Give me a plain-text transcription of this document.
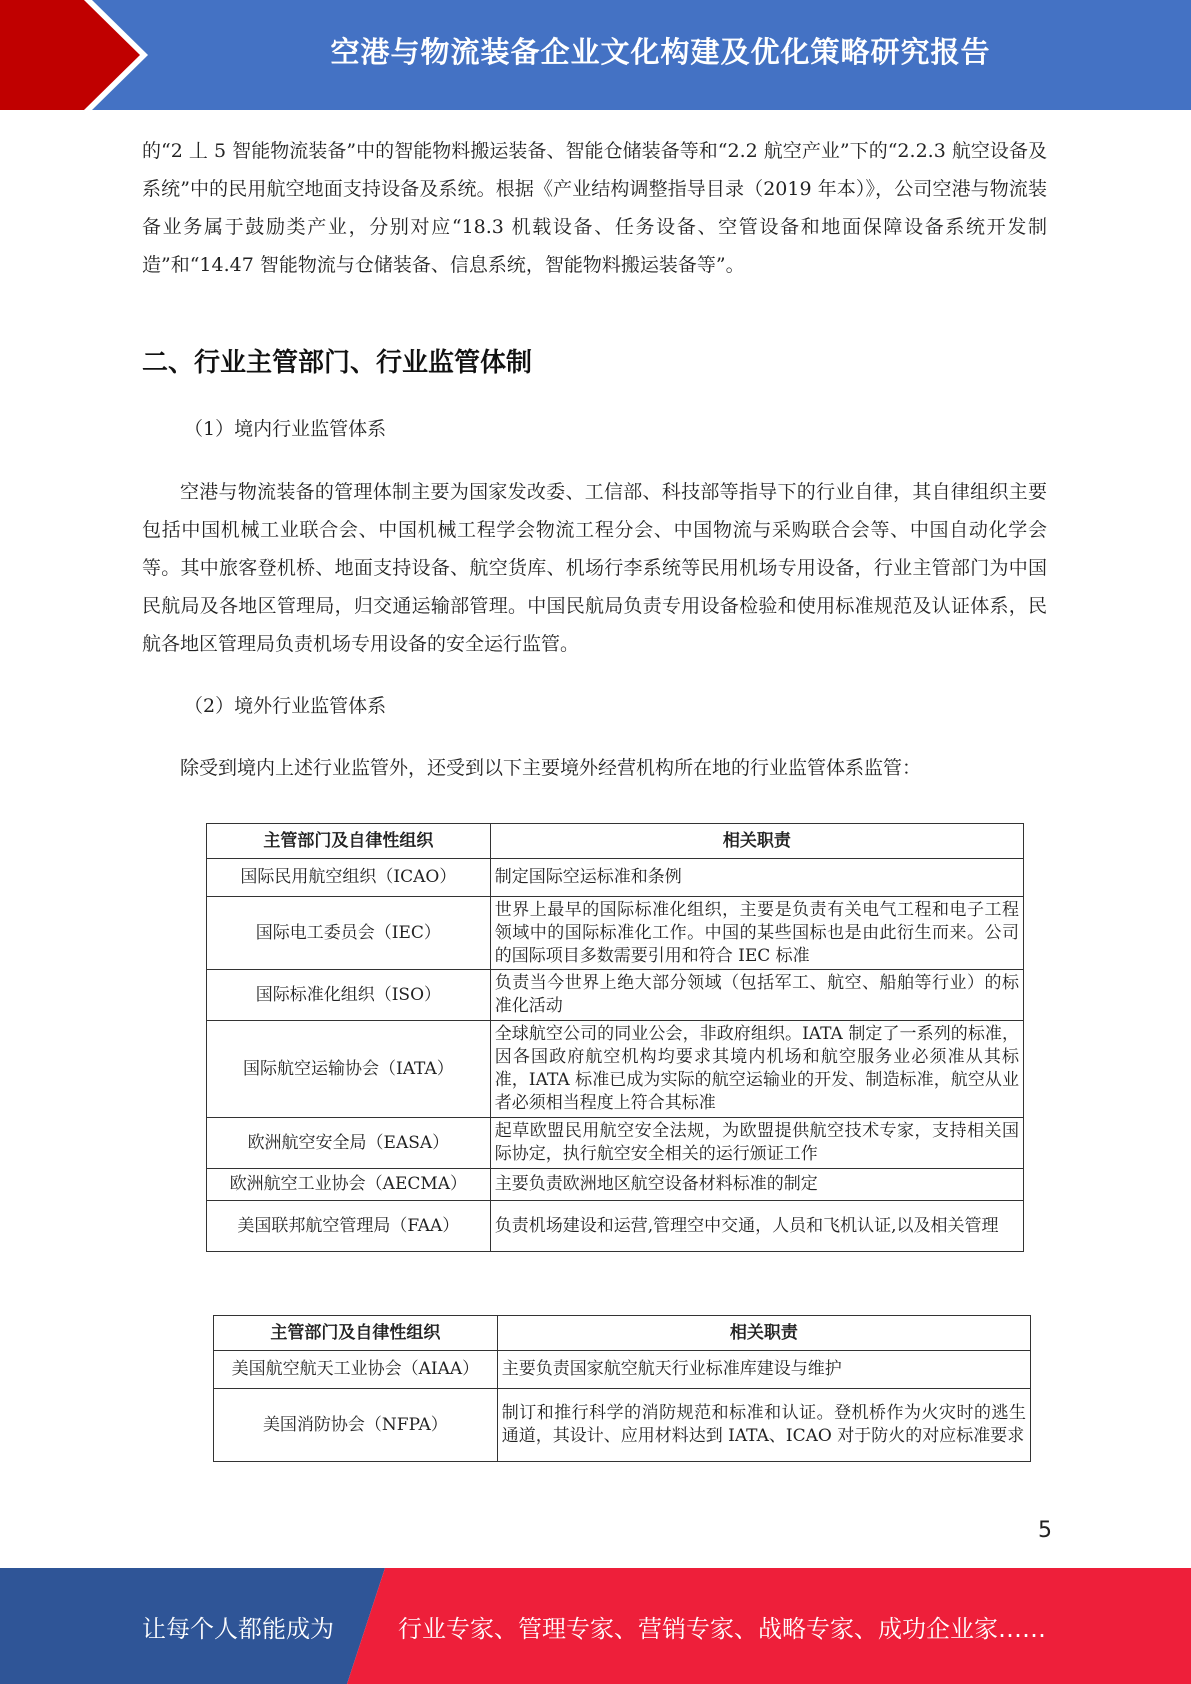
空港与物流装备企业文化构建及优化策略研究报告

的“2 丄 5 智能物流装备”中的智能物料搬运装备、智能仓储装备等和“2.2 航空产业”下的“2.2.3 航空设备及系统”中的民用航空地面支持设备及系统。根据《产业结构调整指导目录（2019 年本）》，公司空港与物流装备业务属于鼓励类产业，分别对应“18.3 机载设备、任务设备、空管设备和地面保障设备系统开发制造”和“14.47 智能物流与仓储装备、信息系统，智能物料搬运装备等”。

二、行业主管部门、行业监管体制

（1）境内行业监管体系

空港与物流装备的管理体制主要为国家发改委、工信部、科技部等指导下的行业自律，其自律组织主要包括中国机械工业联合会、中国机械工程学会物流工程分会、中国物流与采购联合会等、中国自动化学会等。其中旅客登机桥、地面支持设备、航空货库、机场行李系统等民用机场专用设备，行业主管部门为中国民航局及各地区管理局，归交通运输部管理。中国民航局负责专用设备检验和使用标准规范及认证体系，民航各地区管理局负责机场专用设备的安全运行监管。

（2）境外行业监管体系

除受到境内上述行业监管外，还受到以下主要境外经营机构所在地的行业监管体系监管：

主管部门及自律性组织	相关职责
国际民用航空组织（ICAO）	制定国际空运标准和条例
国际电工委员会（IEC）	世界上最早的国际标准化组织，主要是负责有关电气工程和电子工程领域中的国际标准化工作。中国的某些国标也是由此衍生而来。公司的国际项目多数需要引用和符合 IEC 标准
国际标准化组织（ISO）	负责当今世界上绝大部分领域（包括军工、航空、船舶等行业）的标准化活动
国际航空运输协会（IATA）	全球航空公司的同业公会，非政府组织。IATA 制定了一系列的标准，因各国政府航空机构均要求其境内机场和航空服务业必须准从其标准，IATA 标准已成为实际的航空运输业的开发、制造标准，航空从业者必须相当程度上符合其标准
欧洲航空安全局（EASA）	起草欧盟民用航空安全法规，为欧盟提供航空技术专家，支持相关国际协定，执行航空安全相关的运行颁证工作
欧洲航空工业协会（AECMA）	主要负责欧洲地区航空设备材料标准的制定
美国联邦航空管理局（FAA）	负责机场建设和运营,管理空中交通，人员和飞机认证,以及相关管理
主管部门及自律性组织	相关职责
美国航空航天工业协会（AIAA）	主要负责国家航空航天行业标准库建设与维护
美国消防协会（NFPA）	制订和推行科学的消防规范和标准和认证。登机桥作为火灾时的逃生通道，其设计、应用材料达到 IATA、ICAO 对于防火的对应标准要求
5
让每个人都能成为	行业专家、管理专家、营销专家、战略专家、成功企业家……
